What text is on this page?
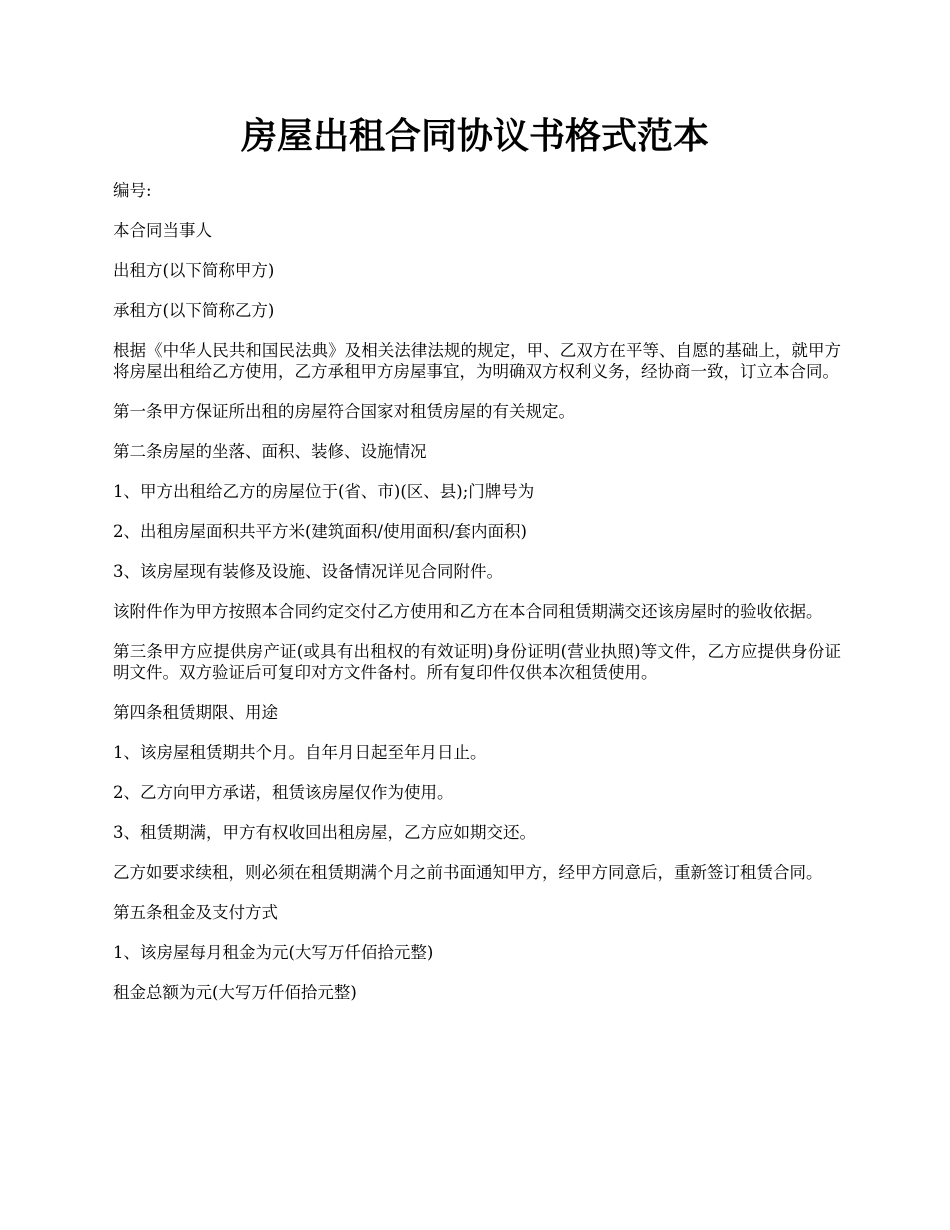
房屋出租合同协议书格式范本

编号:

本合同当事人

出租方(以下简称甲方)

承租方(以下简称乙方)

根据《中华人民共和国民法典》及相关法律法规的规定，甲、乙双方在平等、自愿的基础上，就甲方将房屋出租给乙方使用，乙方承租甲方房屋事宜，为明确双方权利义务，经协商一致，订立本合同。

第一条甲方保证所出租的房屋符合国家对租赁房屋的有关规定。

第二条房屋的坐落、面积、装修、设施情况

1、甲方出租给乙方的房屋位于(省、市)(区、县);门牌号为

2、出租房屋面积共平方米(建筑面积/使用面积/套内面积)

3、该房屋现有装修及设施、设备情况详见合同附件。

该附件作为甲方按照本合同约定交付乙方使用和乙方在本合同租赁期满交还该房屋时的验收依据。

第三条甲方应提供房产证(或具有出租权的有效证明)身份证明(营业执照)等文件，乙方应提供身份证明文件。双方验证后可复印对方文件备村。所有复印件仅供本次租赁使用。

第四条租赁期限、用途

1、该房屋租赁期共个月。自年月日起至年月日止。

2、乙方向甲方承诺，租赁该房屋仅作为使用。

3、租赁期满，甲方有权收回出租房屋，乙方应如期交还。

乙方如要求续租，则必须在租赁期满个月之前书面通知甲方，经甲方同意后，重新签订租赁合同。

第五条租金及支付方式

1、该房屋每月租金为元(大写万仟佰拾元整)

租金总额为元(大写万仟佰拾元整)
